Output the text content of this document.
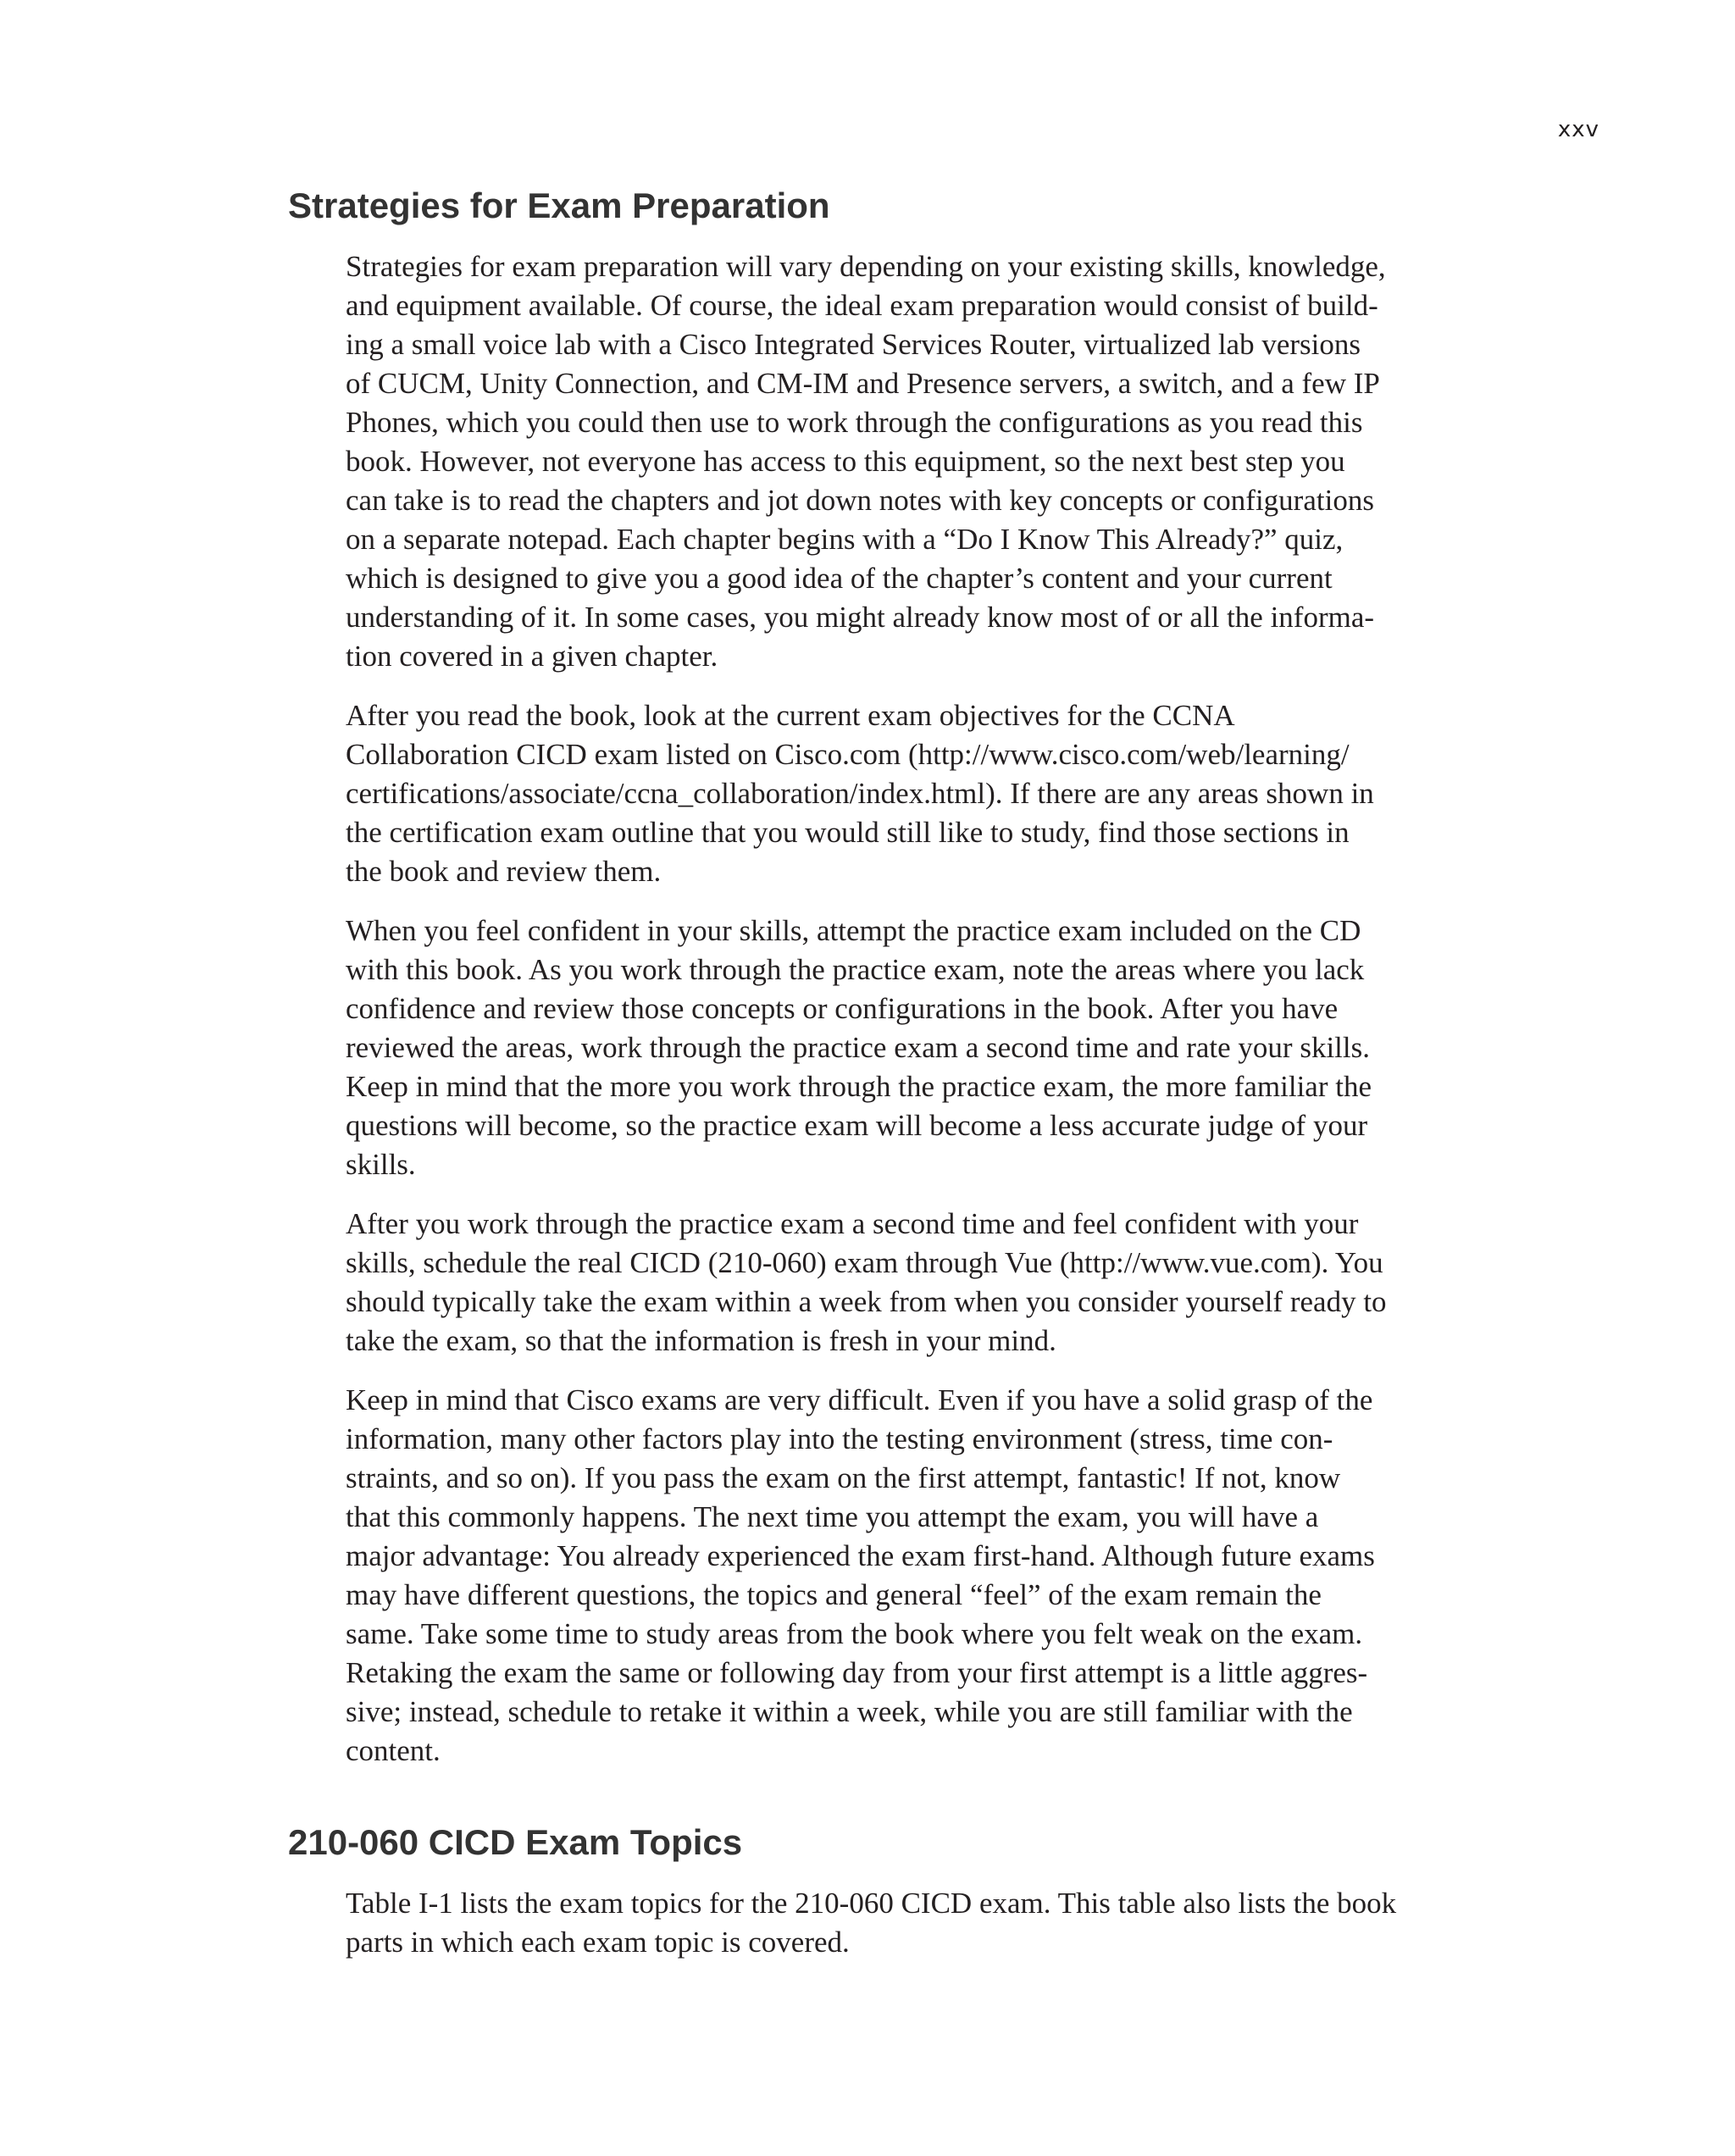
xxv
Strategies for Exam Preparation

Strategies for exam preparation will vary depending on your existing skills, knowledge,
and equipment available. Of course, the ideal exam preparation would consist of build-
ing a small voice lab with a Cisco Integrated Services Router, virtualized lab versions
of CUCM, Unity Connection, and CM-IM and Presence servers, a switch, and a few IP
Phones, which you could then use to work through the configurations as you read this
book. However, not everyone has access to this equipment, so the next best step you
can take is to read the chapters and jot down notes with key concepts or configurations
on a separate notepad. Each chapter begins with a “Do I Know This Already?” quiz,
which is designed to give you a good idea of the chapter’s content and your current
understanding of it. In some cases, you might already know most of or all the informa-
tion covered in a given chapter.

After you read the book, look at the current exam objectives for the CCNA
Collaboration CICD exam listed on Cisco.com (http://www.cisco.com/web/learning/
certifications/associate/ccna_collaboration/index.html). If there are any areas shown in
the certification exam outline that you would still like to study, find those sections in
the book and review them.

When you feel confident in your skills, attempt the practice exam included on the CD
with this book. As you work through the practice exam, note the areas where you lack
confidence and review those concepts or configurations in the book. After you have
reviewed the areas, work through the practice exam a second time and rate your skills.
Keep in mind that the more you work through the practice exam, the more familiar the
questions will become, so the practice exam will become a less accurate judge of your
skills.

After you work through the practice exam a second time and feel confident with your
skills, schedule the real CICD (210-060) exam through Vue (http://www.vue.com). You
should typically take the exam within a week from when you consider yourself ready to
take the exam, so that the information is fresh in your mind.

Keep in mind that Cisco exams are very difficult. Even if you have a solid grasp of the
information, many other factors play into the testing environment (stress, time con-
straints, and so on). If you pass the exam on the first attempt, fantastic! If not, know
that this commonly happens. The next time you attempt the exam, you will have a
major advantage: You already experienced the exam first-hand. Although future exams
may have different questions, the topics and general “feel” of the exam remain the
same. Take some time to study areas from the book where you felt weak on the exam.
Retaking the exam the same or following day from your first attempt is a little aggres-
sive; instead, schedule to retake it within a week, while you are still familiar with the
content.

210-060 CICD Exam Topics

Table I-1 lists the exam topics for the 210-060 CICD exam. This table also lists the book
parts in which each exam topic is covered.
